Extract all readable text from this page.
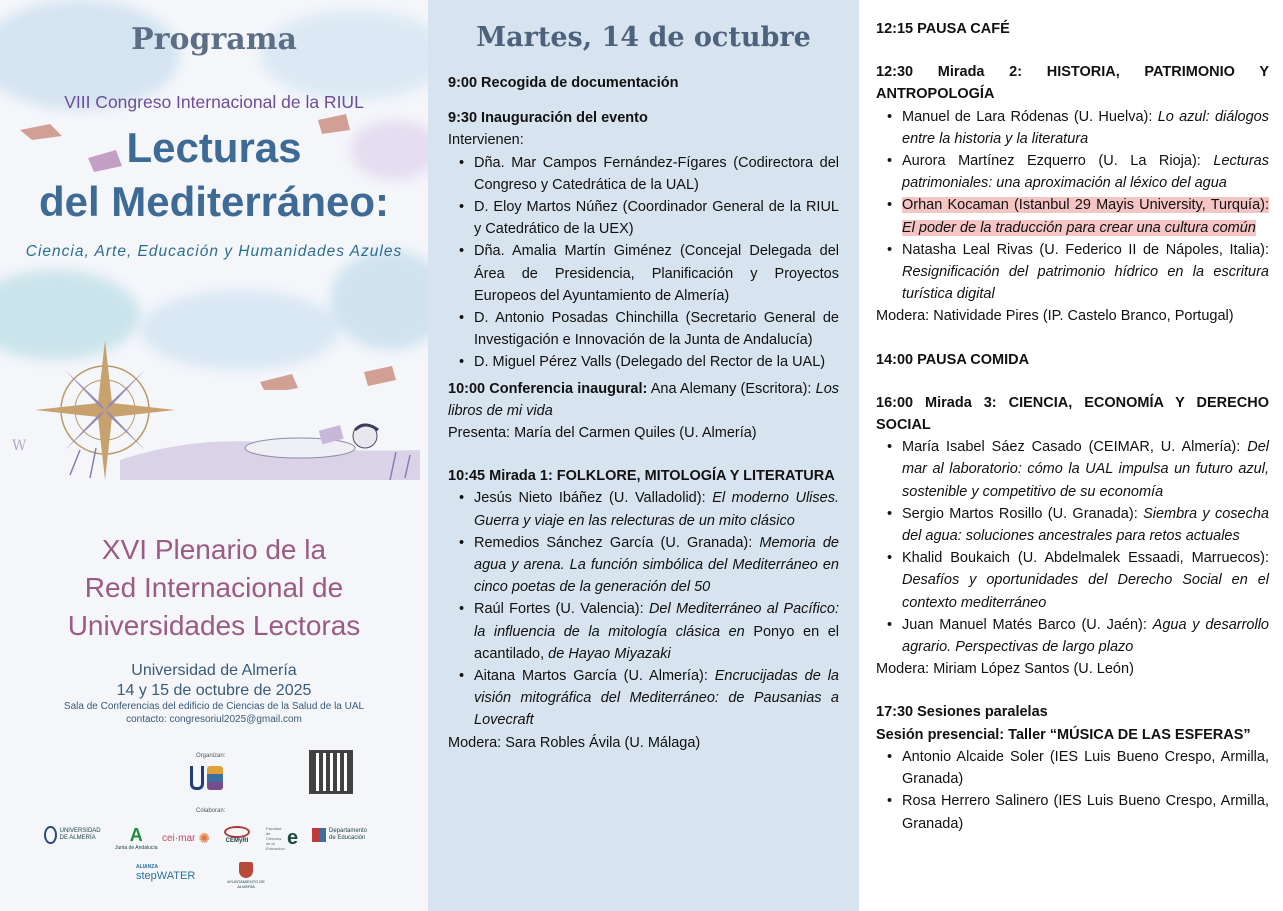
Programa
VIII Congreso Internacional de la RIUL
Lecturas
del Mediterráneo:
Ciencia, Arte, Educación y Humanidades Azules
W
XVI Plenario de la
Red Internacional de
Universidades Lectoras
Universidad de Almería
14 y 15 de octubre de 2025
Sala de Conferencias del edificio de Ciencias de la Salud de la UAL
contacto: congresoriul2025@gmail.com
Organizan:
Colaboran:
UNIVERSIDAD DE ALMERÍA	A
Junta de Andalucía
cei·mar ✺	CEMyRI
Facultad de Ciencias de la Educación e	Departamento de Educación
ALIANZA
stepWATER	AYUNTAMIENTO DE ALMERÍA
Martes, 14 de octubre
9:00 Recogida de documentación
9:30 Inauguración del evento
Intervienen:
• Dña. Mar Campos Fernández-Fígares (Codirectora del Congreso y Catedrática de la UAL)
• D. Eloy Martos Núñez (Coordinador General de la RIUL y Catedrático de la UEX)
• Dña. Amalia Martín Giménez (Concejal Delegada del Área de Presidencia, Planificación y Proyectos Europeos del Ayuntamiento de Almería)
• D. Antonio Posadas Chinchilla (Secretario General de Investigación e Innovación de la Junta de Andalucía)
• D. Miguel Pérez Valls (Delegado del Rector de la UAL)
10:00 Conferencia inaugural: Ana Alemany (Escritora): Los libros de mi vida
Presenta: María del Carmen Quiles (U. Almería)
10:45 Mirada 1: FOLKLORE, MITOLOGÍA Y LITERATURA
• Jesús Nieto Ibáñez (U. Valladolid): El moderno Ulises. Guerra y viaje en las relecturas de un mito clásico
• Remedios Sánchez García (U. Granada): Memoria de agua y arena. La función simbólica del Mediterráneo en cinco poetas de la generación del 50
• Raúl Fortes (U. Valencia): Del Mediterráneo al Pacífico: la influencia de la mitología clásica en Ponyo en el acantilado, de Hayao Miyazaki
• Aitana Martos García (U. Almería): Encrucijadas de la visión mitográfica del Mediterráneo: de Pausanias a Lovecraft
Modera: Sara Robles Ávila (U. Málaga)
12:15 PAUSA CAFÉ
12:30 Mirada 2: HISTORIA, PATRIMONIO Y ANTROPOLOGÍA
• Manuel de Lara Ródenas (U. Huelva): Lo azul: diálogos entre la historia y la literatura
• Aurora Martínez Ezquerro (U. La Rioja): Lecturas patrimoniales: una aproximación al léxico del agua
• Orhan Kocaman (Istanbul 29 Mayis University, Turquía): El poder de la traducción para crear una cultura común
• Natasha Leal Rivas (U. Federico II de Nápoles, Italia): Resignificación del patrimonio hídrico en la escritura turística digital
Modera: Natividade Pires (IP. Castelo Branco, Portugal)
14:00 PAUSA COMIDA
16:00 Mirada 3: CIENCIA, ECONOMÍA Y DERECHO SOCIAL
• María Isabel Sáez Casado (CEIMAR, U. Almería): Del mar al laboratorio: cómo la UAL impulsa un futuro azul, sostenible y competitivo de su economía
• Sergio Martos Rosillo (U. Granada): Siembra y cosecha del agua: soluciones ancestrales para retos actuales
• Khalid Boukaich (U. Abdelmalek Essaadi, Marruecos): Desafíos y oportunidades del Derecho Social en el contexto mediterráneo
• Juan Manuel Matés Barco (U. Jaén): Agua y desarrollo agrario. Perspectivas de largo plazo
Modera: Miriam López Santos (U. León)
17:30 Sesiones paralelas
Sesión presencial: Taller “MÚSICA DE LAS ESFERAS”
• Antonio Alcaide Soler (IES Luis Bueno Crespo, Armilla, Granada)
• Rosa Herrero Salinero (IES Luis Bueno Crespo, Armilla, Granada)
